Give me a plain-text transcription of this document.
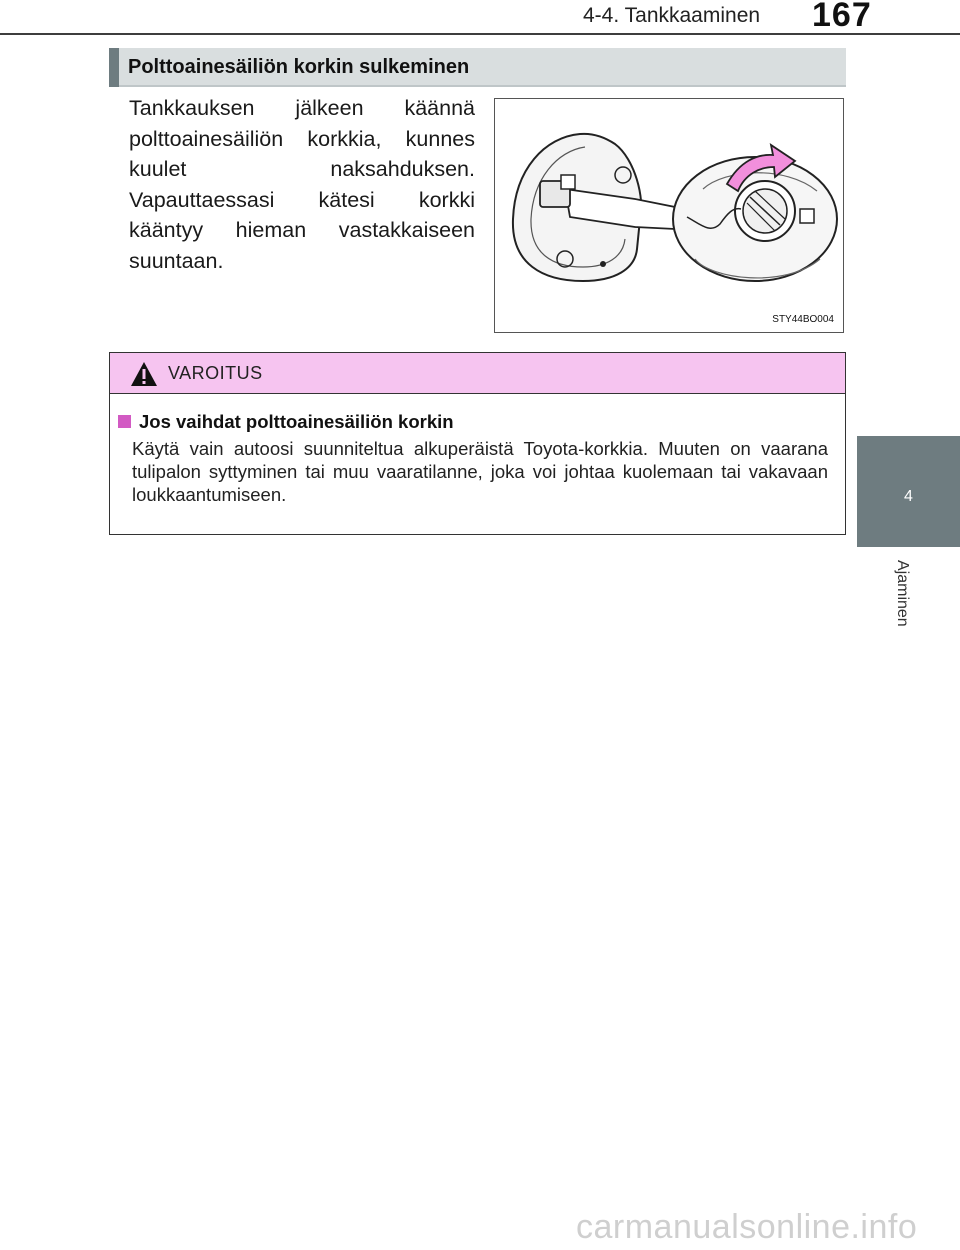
4-4. Tankkaaminen 167
4
Ajaminen
Polttoainesäiliön korkin sulkeminen
Tankkauksen jälkeen käännä polttoainesäiliön korkkia, kunnes kuulet naksahduksen. Vapauttaessasi kätesi korkki kääntyy hieman vastakkaiseen suuntaan.
STY44BO004
VAROITUS
Jos vaihdat polttoainesäiliön korkin
Käytä vain autoosi suunniteltua alkuperäistä Toyota-korkkia. Muuten on vaarana tulipalon syttyminen tai muu vaaratilanne, joka voi johtaa kuolemaan tai vakavaan loukkaantumiseen.
carmanualsonline.info
